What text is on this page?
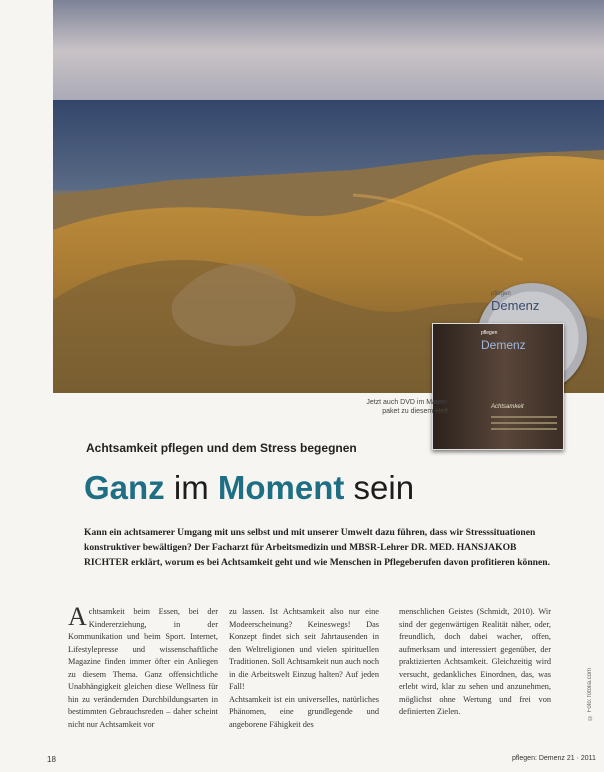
pflegen
Demenz
pflegen
Demenz
Achtsamkeit
Jetzt auch DVD im Materi-
paket zu diesem Heft
Achtsamkeit pflegen und dem Stress begegnen
Ganz im Moment sein
Kann ein achtsamerer Umgang mit uns selbst und mit unserer Umwelt dazu führen, dass wir Stresssituationen konstruktiver bewältigen? Der Facharzt für Arbeitsmedizin und MBSR-Lehrer DR. MED. HANSJAKOB RICHTER erklärt, worum es bei Achtsamkeit geht und wie Menschen in Pflegeberufen davon profitieren können.
Achtsamkeit beim Essen, bei der Kindererziehung, in der Kommunikation und beim Sport. Internet, Lifestylepresse und wissenschaftliche Magazine finden immer öfter ein Anliegen zu diesem Thema. Ganz offensichtliche Unabhängigkeit gleichen diese Wellness für hin zu verändernden Durchbildungsarten in bestimmten Gebrauchsreden – daher scheint nicht nur Achtsamkeit vor
zu lassen. Ist Achtsamkeit also nur eine Modeerscheinung? Keineswegs! Das Konzept findet sich seit Jahrtausenden in den Weltreligionen und vielen spirituellen Traditionen. Soll Achtsamkeit nun auch noch in die Arbeitswelt Einzug halten? Auf jeden Fall!
Achtsamkeit ist ein universelles, natürliches Phänomen, eine grundlegende und angeborene Fähigkeit des
menschlichen Geistes (Schmidt, 2010). Wir sind der gegenwärtigen Realität näher, oder, freundlich, doch dabei wacher, offen, aufmerksam und interessiert gegenüber, der praktizierten Achtsamkeit. Gleichzeitig wird versucht, gedankliches Einordnen, das, was erlebt wird, klar zu sehen und anzunehmen, möglichst ohne Wertung und frei von definierten Zielen.	© Foto: fotolia.com
18	pflegen: Demenz 21 · 2011
